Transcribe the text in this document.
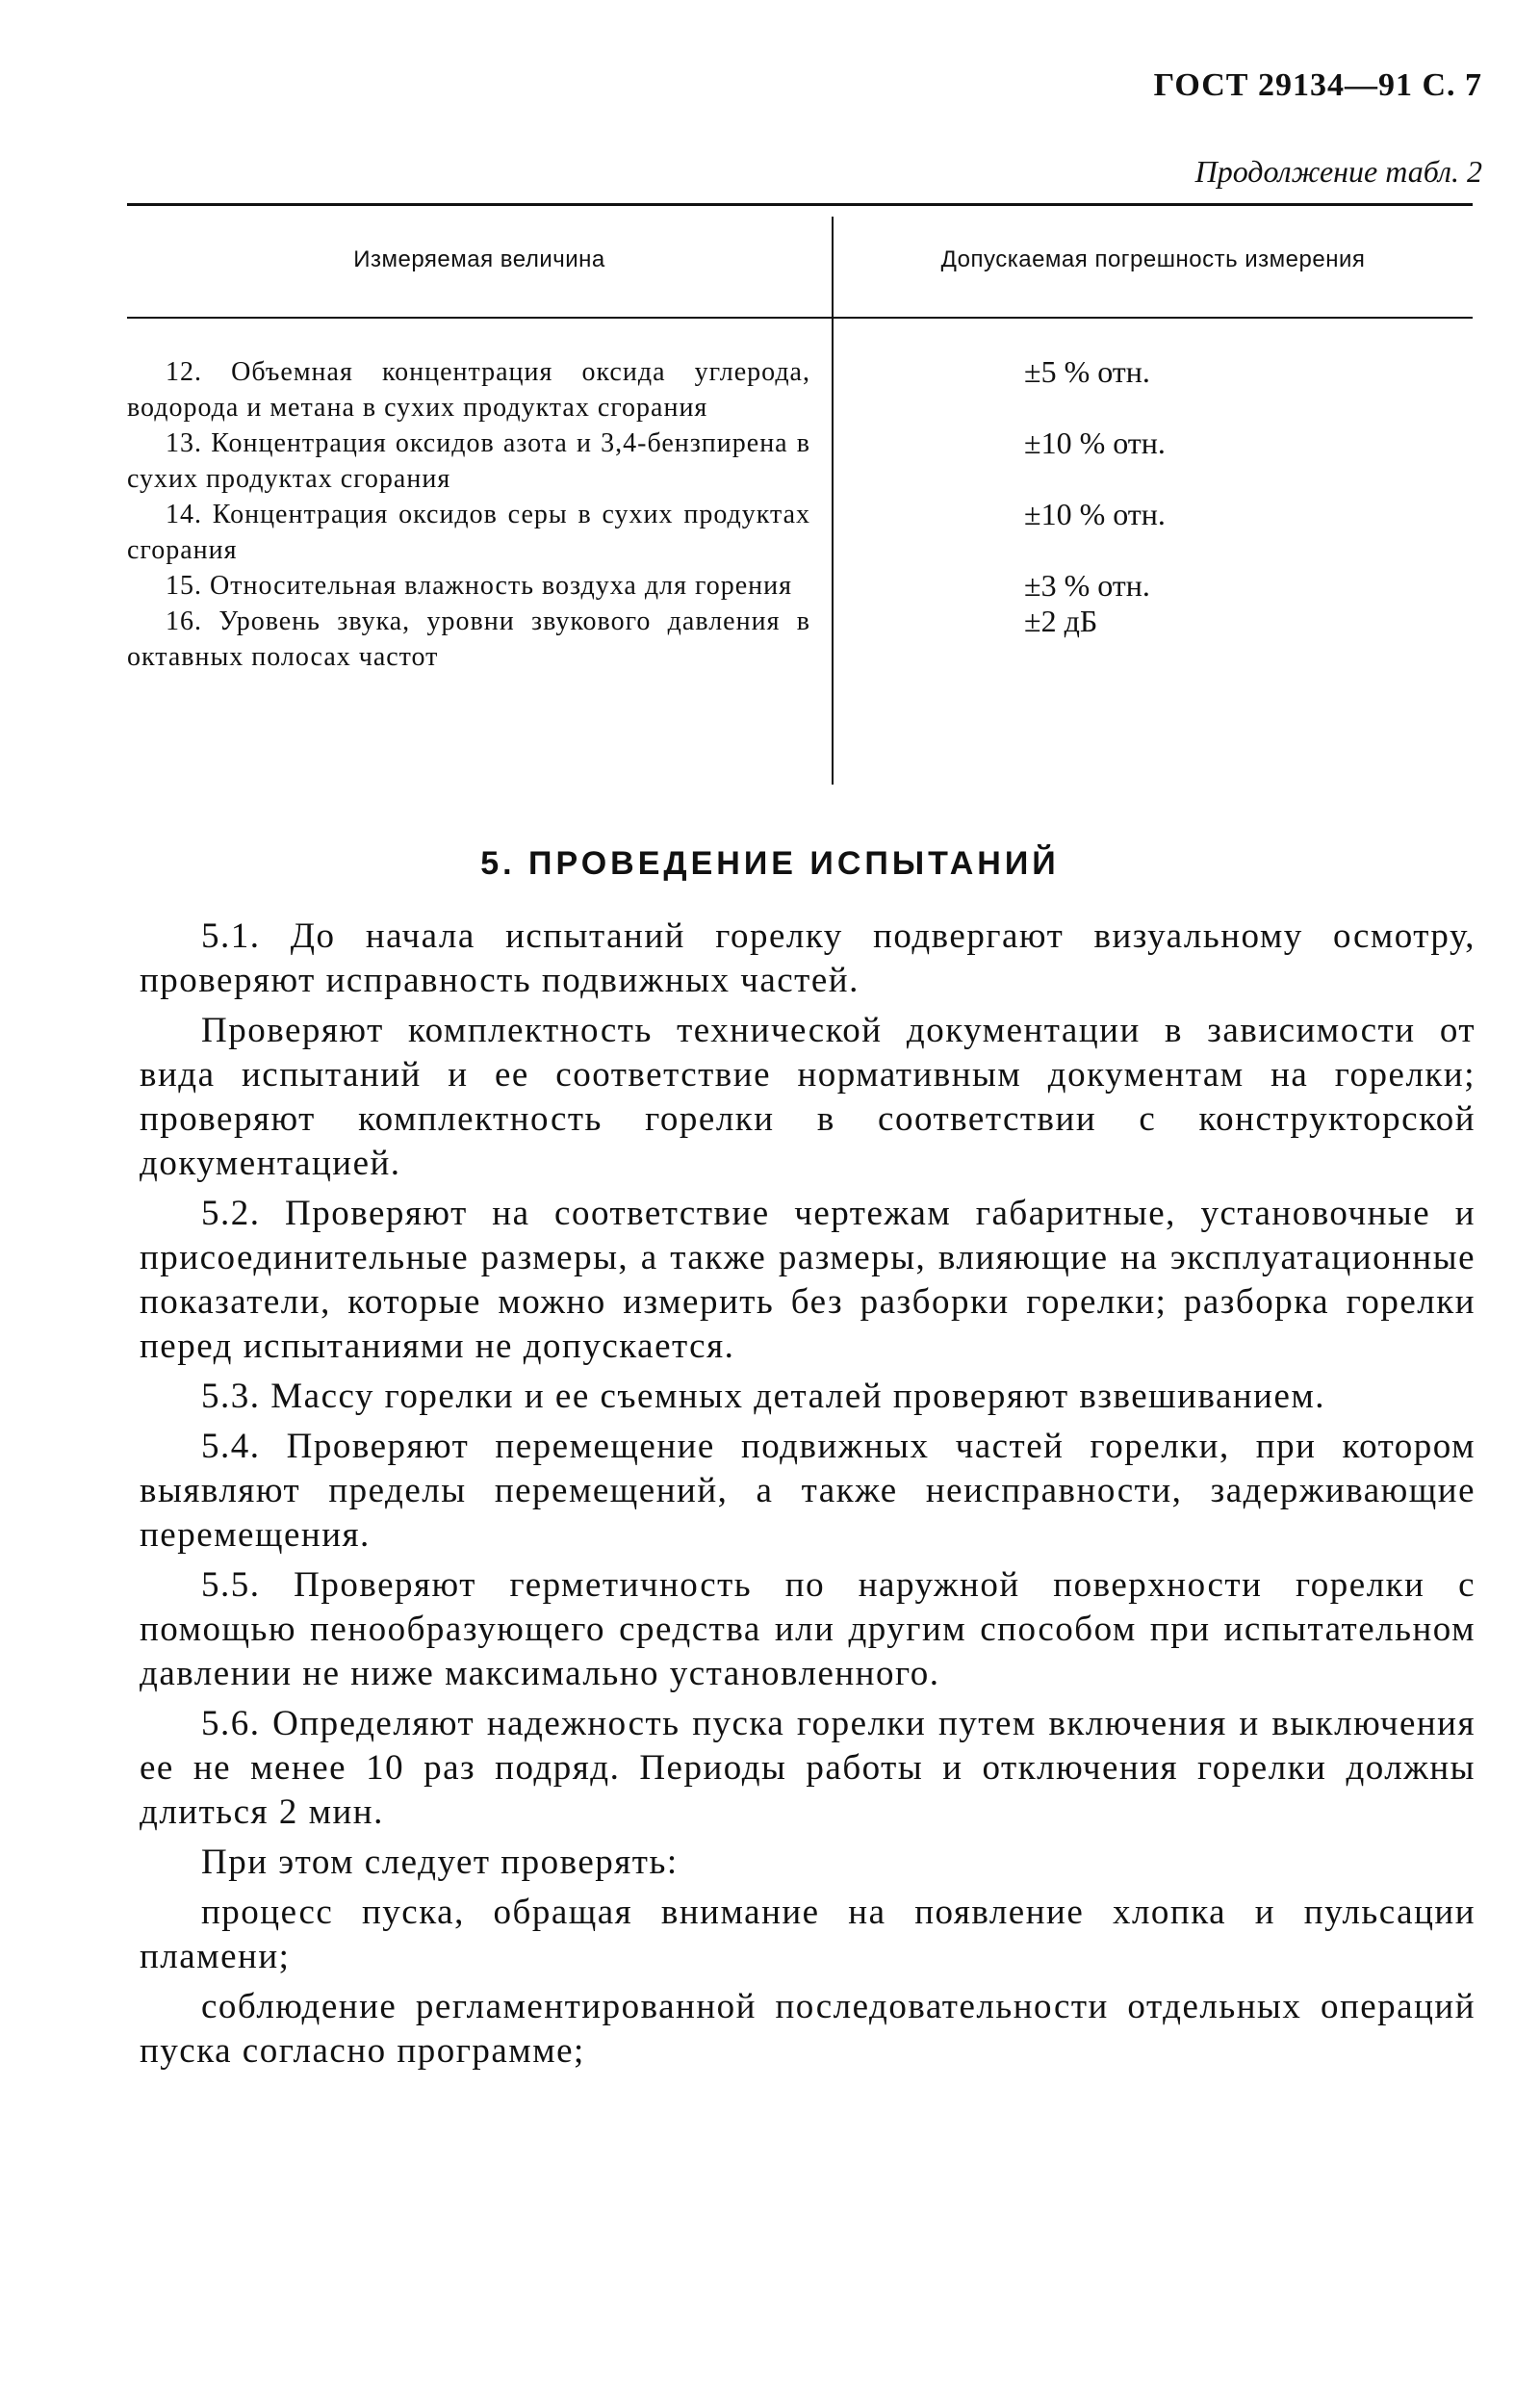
ГОСТ 29134—91 С. 7
Продолжение табл. 2
Измеряемая величина	Допускаемая погрешность измерения
12. Объемная концентрация оксида углерода, водорода и метана в сухих продуктах сгорания
±5 % отн.
13. Концентрация оксидов азота и 3,4-бензпирена в сухих продуктах сгорания
±10 % отн.
14. Концентрация оксидов серы в сухих продуктах сгорания
±10 % отн.
15. Относительная влажность воздуха для горения	±3 % отн.
16. Уровень звука, уровни звукового давления в октавных полосах частот
±2 дБ
5. ПРОВЕДЕНИЕ ИСПЫТАНИЙ

5.1. До начала испытаний горелку подвергают визуальному осмотру, проверяют исправность подвижных частей.

Проверяют комплектность технической документации в зависимости от вида испытаний и ее соответствие нормативным документам на горелки; проверяют комплектность горелки в соответствии с конструкторской документацией.

5.2. Проверяют на соответствие чертежам габаритные, установочные и присоединительные размеры, а также размеры, влияющие на эксплуатационные показатели, которые можно измерить без разборки горелки; разборка горелки перед испытаниями не допускается.

5.3. Массу горелки и ее съемных деталей проверяют взвешиванием.

5.4. Проверяют перемещение подвижных частей горелки, при котором выявляют пределы перемещений, а также неисправности, задерживающие перемещения.

5.5. Проверяют герметичность по наружной поверхности горелки с помощью пенообразующего средства или другим способом при испытательном давлении не ниже максимально установленного.

5.6. Определяют надежность пуска горелки путем включения и выключения ее не менее 10 раз подряд. Периоды работы и отключения горелки должны длиться 2 мин.

При этом следует проверять:

процесс пуска, обращая внимание на появление хлопка и пульсации пламени;

соблюдение регламентированной последовательности отдельных операций пуска согласно программе;
